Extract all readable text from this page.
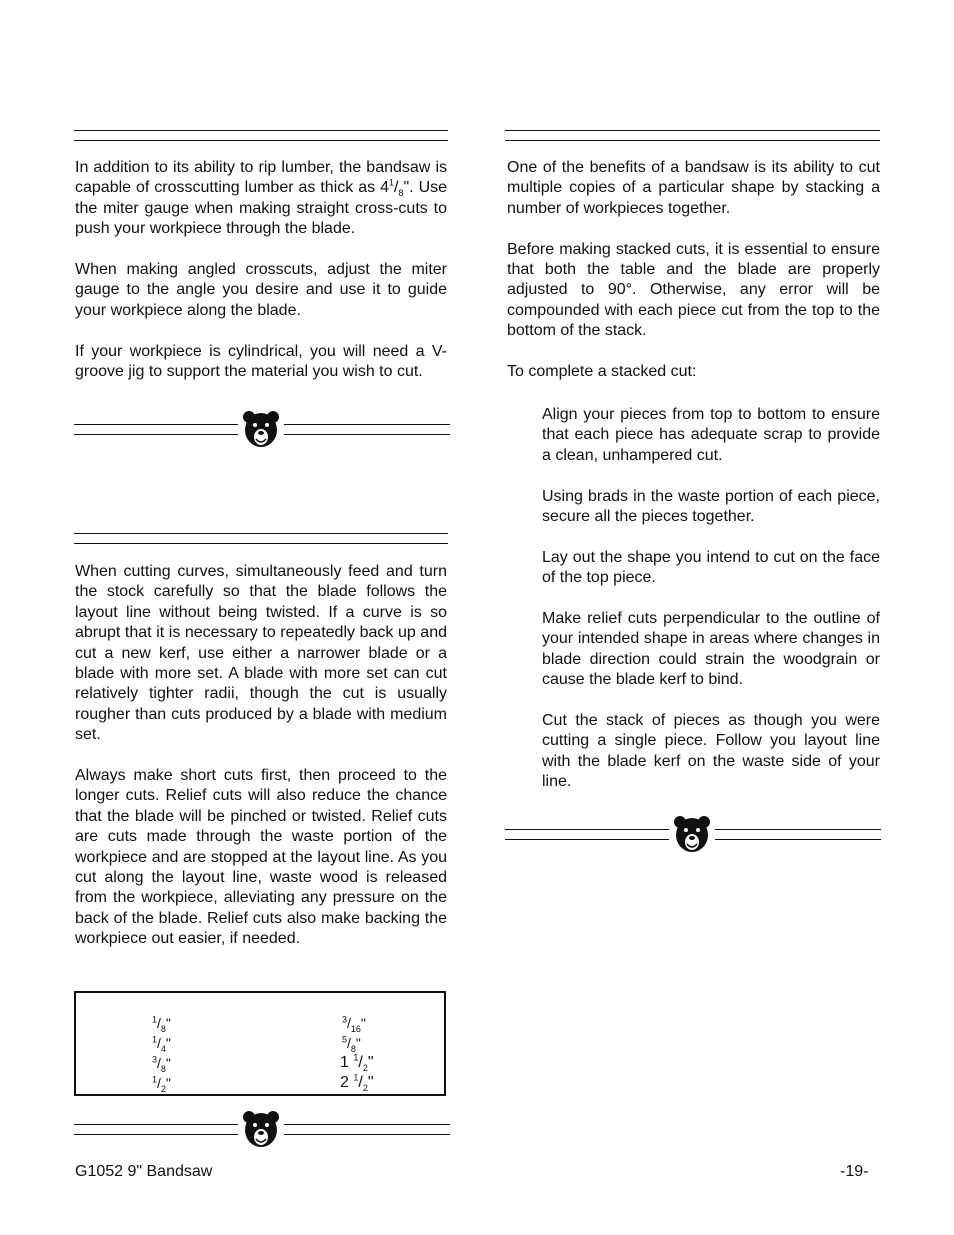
In addition to its ability to rip lumber, the bandsaw is capable of crosscutting lumber as thick as $4^1/_8$". Use the miter gauge when making straight cross-cuts to push your workpiece through the blade.

When making angled crosscuts, adjust the miter gauge to the angle you desire and use it to guide your workpiece along the blade.

If your workpiece is cylindrical, you will need a V-groove jig to support the material you wish to cut.

When cutting curves, simultaneously feed and turn the stock carefully so that the blade follows the layout line without being twisted. If a curve is so abrupt that it is necessary to repeatedly back up and cut a new kerf, use either a narrower blade or a blade with more set. A blade with more set can cut relatively tighter radii, though the cut is usually rougher than cuts produced by a blade with medium set.

Always make short cuts first, then proceed to the longer cuts. Relief cuts will also reduce the chance that the blade will be pinched or twisted. Relief cuts are cuts made through the waste portion of the workpiece and are stopped at the layout line. As you cut along the layout line, waste wood is released from the workpiece, alleviating any pressure on the back of the blade. Relief cuts also make backing the workpiece out easier, if needed.

$^1/_8$"
$^1/_4$"
$^3/_8$"
$^1/_2$"
$^3/_{16}$"
$^5/_8$"
1 $^1/_2$"
2 $^1/_2$"

One of the benefits of a bandsaw is its ability to cut multiple copies of a particular shape by stacking a number of workpieces together.

Before making stacked cuts, it is essential to ensure that both the table and the blade are properly adjusted to 90°. Otherwise, any error will be compounded with each piece cut from the top to the bottom of the stack.

To complete a stacked cut:

Align your pieces from top to bottom to ensure that each piece has adequate scrap to provide a clean, unhampered cut.

Using brads in the waste portion of each piece, secure all the pieces together.

Lay out the shape you intend to cut on the face of the top piece.

Make relief cuts perpendicular to the outline of your intended shape in areas where changes in blade direction could strain the woodgrain or cause the blade kerf to bind.

Cut the stack of pieces as though you were cutting a single piece. Follow you layout line with the blade kerf on the waste side of your line.

G1052 9" Bandsaw	-19-
